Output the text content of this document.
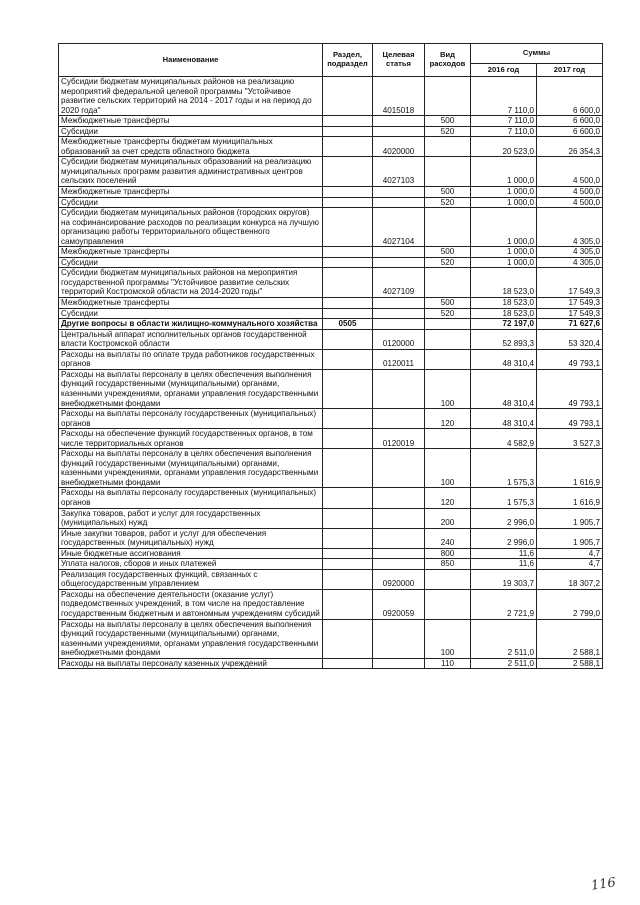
Наименование	Раздел, подраздел	Целевая статья	Вид расходов	Суммы	
				2016 год	2017 год
Субсидии бюджетам муниципальных районов на реализацию мероприятий федеральной целевой программы "Устойчивое развитие сельских территорий на 2014 - 2017 годы и на период до 2020 года"		4015018		7 110,0	6 600,0
Межбюджетные трансферты			500	7 110,0	6 600,0
Субсидии			520	7 110,0	6 600,0
Межбюджетные трансферты бюджетам муниципальных образований за счет средств областного бюджета		4020000		20 523,0	26 354,3
Субсидии бюджетам муниципальных образований на реализацию муниципальных программ развития административных центров сельских поселений		4027103		1 000,0	4 500,0
Межбюджетные трансферты			500	1 000,0	4 500,0
Субсидии			520	1 000,0	4 500,0
Субсидии бюджетам муниципальных районов (городских округов) на софинансирование расходов по реализации конкурса на лучшую организацию работы территориального общественного самоуправления		4027104		1 000,0	4 305,0
Межбюджетные трансферты			500	1 000,0	4 305,0
Субсидии			520	1 000,0	4 305,0
Субсидии бюджетам муниципальных районов на мероприятия государственной программы "Устойчивое развитие сельских территорий Костромской области на 2014-2020 годы"		4027109		18 523,0	17 549,3
Межбюджетные трансферты			500	18 523,0	17 549,3
Субсидии			520	18 523,0	17 549,3
Другие вопросы в области жилищно-коммунального хозяйства	0505			72 197,0	71 627,6
Центральный аппарат исполнительных органов государственной власти Костромской области		0120000		52 893,3	53 320,4
Расходы на выплаты по оплате труда работников государственных органов		0120011		48 310,4	49 793,1
Расходы на выплаты персоналу в целях обеспечения выполнения функций государственными (муниципальными) органами, казенными учреждениями, органами управления государственными внебюджетными фондами			100	48 310,4	49 793,1
Расходы на выплаты персоналу государственных (муниципальных) органов			120	48 310,4	49 793,1
Расходы на обеспечение функций государственных органов, в том числе территориальных органов		0120019		4 582,9	3 527,3
Расходы на выплаты персоналу в целях обеспечения выполнения функций государственными (муниципальными) органами, казенными учреждениями, органами управления государственными внебюджетными фондами			100	1 575,3	1 616,9
Расходы на выплаты персоналу государственных (муниципальных) органов			120	1 575,3	1 616,9
Закупка товаров, работ и услуг для государственных (муниципальных) нужд			200	2 996,0	1 905,7
Иные закупки товаров, работ и услуг для обеспечения государственных (муниципальных) нужд			240	2 996,0	1 905,7
Иные бюджетные ассигнования			800	11,6	4,7
Уплата налогов, сборов и иных платежей			850	11,6	4,7
Реализация государственных функций, связанных с общегосударственным управлением		0920000		19 303,7	18 307,2
Расходы на обеспечение деятельности (оказание услуг) подведомственных учреждений, в том числе на предоставление государственным бюджетным и автономным учреждениям субсидий		0920059		2 721,9	2 799,0
Расходы на выплаты персоналу в целях обеспечения выполнения функций государственными (муниципальными) органами, казенными учреждениями, органами управления государственными внебюджетными фондами			100	2 511,0	2 588,1
Расходы на выплаты персоналу казенных учреждений			110	2 511,0	2 588,1
116
